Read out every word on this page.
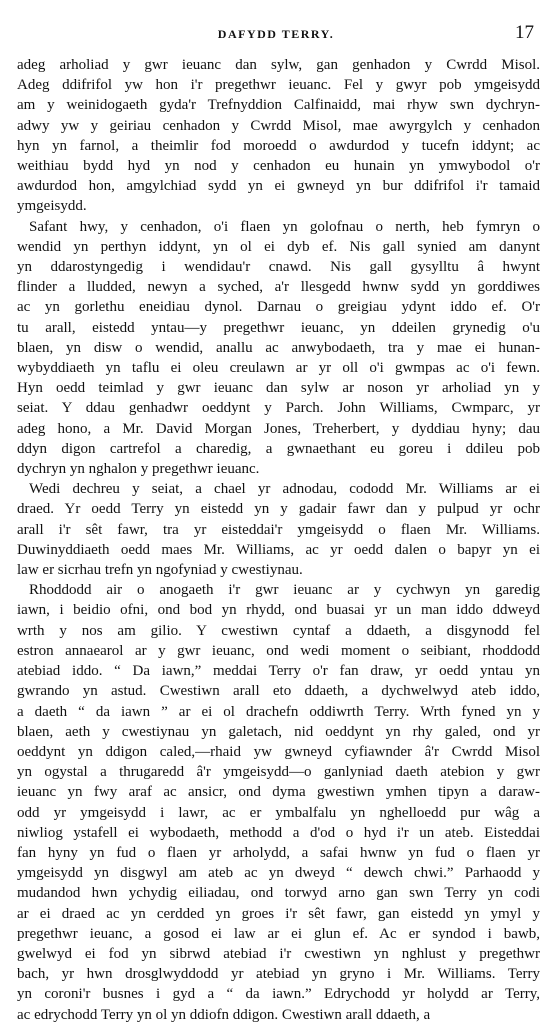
DAFYDD TERRY.	17
adeg arholiad y gwr ieuanc dan sylw, gan genhadon y Cwrdd Misol.
Adeg ddifrifol yw hon i'r pregethwr ieuanc. Fel y gwyr pob ymgeisydd
am y weinidogaeth gyda'r Trefnyddion Calfinaidd, mai rhyw swn dychryn-
adwy yw y geiriau cenhadon y Cwrdd Misol, mae awyrgylch y cenhadon
hyn yn farnol, a theimlir fod moroedd o awdurdod y tucefn iddynt; ac
weithiau bydd hyd yn nod y cenhadon eu hunain yn ymwybodol o'r
awdurdod hon, amgylchiad sydd yn ei gwneyd yn bur ddifrifol i'r tamaid
ymgeisydd.
Safant hwy, y cenhadon, o'i flaen yn golofnau o nerth, heb fymryn o
wendid yn perthyn iddynt, yn ol ei dyb ef. Nis gall synied am danynt
yn ddarostyngedig i wendidau'r cnawd. Nis gall gysylltu â hwynt
flinder a lludded, newyn a syched, a'r llesgedd hwnw sydd yn gorddiwes
ac yn gorlethu eneidiau dynol. Darnau o greigiau ydynt iddo ef. O'r
tu arall, eistedd yntau—y pregethwr ieuanc, yn ddeilen grynedig o'u
blaen, yn disw o wendid, anallu ac anwybodaeth, tra y mae ei hunan-
wybyddiaeth yn taflu ei oleu creulawn ar yr oll o'i gwmpas ac o'i fewn.
Hyn oedd teimlad y gwr ieuanc dan sylw ar noson yr arholiad yn y
seiat. Y ddau genhadwr oeddynt y Parch. John Williams, Cwmparc, yr
adeg hono, a Mr. David Morgan Jones, Treherbert, y dyddiau hyny; dau
ddyn digon cartrefol a charedig, a gwnaethant eu goreu i ddileu pob
dychryn yn nghalon y pregethwr ieuanc.
Wedi dechreu y seiat, a chael yr adnodau, cododd Mr. Williams ar ei
draed. Yr oedd Terry yn eistedd yn y gadair fawr dan y pulpud yr ochr
arall i'r sêt fawr, tra yr eisteddai'r ymgeisydd o flaen Mr. Williams.
Duwinyddiaeth oedd maes Mr. Williams, ac yr oedd dalen o bapyr yn ei
law er sicrhau trefn yn ngofyniad y cwestiynau.
Rhoddodd air o anogaeth i'r gwr ieuanc ar y cychwyn yn garedig
iawn, i beidio ofni, ond bod yn rhydd, ond buasai yr un man iddo ddweyd
wrth y nos am gilio. Y cwestiwn cyntaf a ddaeth, a disgynodd fel
estron annaearol ar y gwr ieuanc, ond wedi moment o seibiant, rhoddodd
atebiad iddo. “ Da iawn,” meddai Terry o'r fan draw, yr oedd yntau yn
gwrando yn astud. Cwestiwn arall eto ddaeth, a dychwelwyd ateb iddo,
a daeth “ da iawn ” ar ei ol drachefn oddiwrth Terry. Wrth fyned yn y
blaen, aeth y cwestiynau yn galetach, nid oeddynt yn rhy galed, ond yr
oeddynt yn ddigon caled,—rhaid yw gwneyd cyfiawnder â'r Cwrdd Misol
yn ogystal a thrugaredd â'r ymgeisydd—o ganlyniad daeth atebion y gwr
ieuanc yn fwy araf ac ansicr, ond dyma gwestiwn ymhen tipyn a daraw-
odd yr ymgeisydd i lawr, ac er ymbalfalu yn nghelloedd pur wâg a
niwliog ystafell ei wybodaeth, methodd a d'od o hyd i'r un ateb. Eisteddai
fan hyny yn fud o flaen yr arholydd, a safai hwnw yn fud o flaen yr
ymgeisydd yn disgwyl am ateb ac yn dweyd “ dewch chwi.” Parhaodd y
mudandod hwn ychydig eiliadau, ond torwyd arno gan swn Terry yn codi
ar ei draed ac yn cerdded yn groes i'r sêt fawr, gan eistedd yn ymyl y
pregethwr ieuanc, a gosod ei law ar ei glun ef. Ac er syndod i bawb,
gwelwyd ei fod yn sibrwd atebiad i'r cwestiwn yn nghlust y pregethwr
bach, yr hwn drosglwyddodd yr atebiad yn gryno i Mr. Williams. Terry
yn coroni'r busnes i gyd a “ da iawn.” Edrychodd yr holydd ar Terry,
ac edrychodd Terry yn ol yn ddiofn ddigon. Cwestiwn arall ddaeth, a
